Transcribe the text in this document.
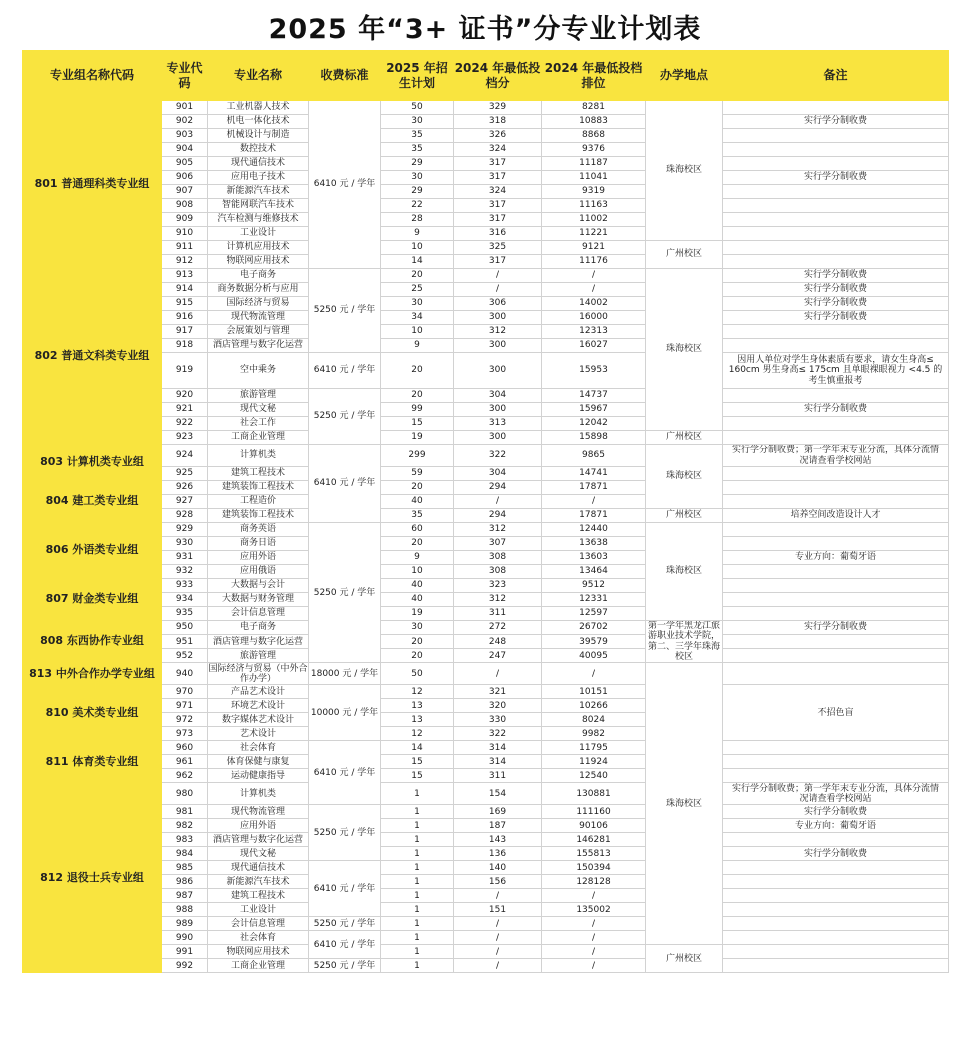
2025 年“3+ 证书”分专业计划表
专业组名称代码	专业代码	专业名称	收费标准	2025 年招生计划	2024 年最低投档分	2024 年最低投档排位	办学地点	备注
801 普通理科类专业组	901	工业机器人技术	6410 元 / 学年	50	329	8281	珠海校区	
	902	机电一体化技术		30	318	10883		实行学分制收费
	903	机械设计与制造		35	326	8868		
	904	数控技术		35	324	9376		
	905	现代通信技术		29	317	11187		
	906	应用电子技术		30	317	11041		实行学分制收费
	907	新能源汽车技术		29	324	9319		
	908	智能网联汽车技术		22	317	11163		
	909	汽车检测与维修技术		28	317	11002		
	910	工业设计		9	316	11221		
	911	计算机应用技术		10	325	9121	广州校区	
	912	物联网应用技术		14	317	11176		
802 普通文科类专业组	913	电子商务	5250 元 / 学年	20	/	/	珠海校区	实行学分制收费
	914	商务数据分析与应用		25	/	/		实行学分制收费
	915	国际经济与贸易		30	306	14002		实行学分制收费
	916	现代物流管理		34	300	16000		实行学分制收费
	917	会展策划与管理		10	312	12313		
	918	酒店管理与数字化运营		9	300	16027		
	919	空中乘务	6410 元 / 学年	20	300	15953		因用人单位对学生身体素质有要求，请女生身高≤ 160cm 男生身高≤ 175cm 且单眼裸眼视力 <4.5 的考生慎重报考
	920	旅游管理	5250 元 / 学年	20	304	14737		
	921	现代文秘		99	300	15967		实行学分制收费
	922	社会工作		15	313	12042		
	923	工商企业管理		19	300	15898	广州校区	
803 计算机类专业组	924	计算机类	6410 元 / 学年	299	322	9865	珠海校区	实行学分制收费；第一学年末专业分流，具体分流情况请查看学校网站
	925	建筑工程技术		59	304	14741		
804 建工类专业组	926	建筑装饰工程技术		20	294	17871		
	927	工程造价		40	/	/		
	928	建筑装饰工程技术		35	294	17871	广州校区	培养空间改造设计人才
806 外语类专业组	929	商务英语	5250 元 / 学年	60	312	12440	珠海校区	
	930	商务日语		20	307	13638		
	931	应用外语		9	308	13603		专业方向：葡萄牙语
	932	应用俄语		10	308	13464		
807 财金类专业组	933	大数据与会计		40	323	9512		
	934	大数据与财务管理		40	312	12331		
	935	会计信息管理		19	311	12597		
808 东西协作专业组	950	电子商务		30	272	26702	第一学年黑龙江旅游职业技术学院，第二、三学年珠海校区	实行学分制收费
	951	酒店管理与数字化运营		20	248	39579		
	952	旅游管理		20	247	40095		
813 中外合作办学专业组	940	国际经济与贸易（中外合作办学）	18000 元 / 学年	50	/	/	珠海校区	
810 美术类专业组	970	产品艺术设计	10000 元 / 学年	12	321	10151		不招色盲
	971	环境艺术设计		13	320	10266		
	972	数字媒体艺术设计		13	330	8024		
	973	艺术设计		12	322	9982		
811 体育类专业组	960	社会体育	6410 元 / 学年	14	314	11795		
	961	体育保健与康复		15	314	11924		
	962	运动健康指导		15	311	12540		
812 退役士兵专业组	980	计算机类		1	154	130881		实行学分制收费；第一学年末专业分流，具体分流情况请查看学校网站
	981	现代物流管理	5250 元 / 学年	1	169	111160		实行学分制收费
	982	应用外语		1	187	90106		专业方向：葡萄牙语
	983	酒店管理与数字化运营		1	143	146281		
	984	现代文秘		1	136	155813		实行学分制收费
	985	现代通信技术	6410 元 / 学年	1	140	150394		
	986	新能源汽车技术		1	156	128128		
	987	建筑工程技术		1	/	/		
	988	工业设计		1	151	135002		
	989	会计信息管理	5250 元 / 学年	1	/	/		
	990	社会体育	6410 元 / 学年	1	/	/		
	991	物联网应用技术		1	/	/	广州校区	
	992	工商企业管理	5250 元 / 学年	1	/	/		
